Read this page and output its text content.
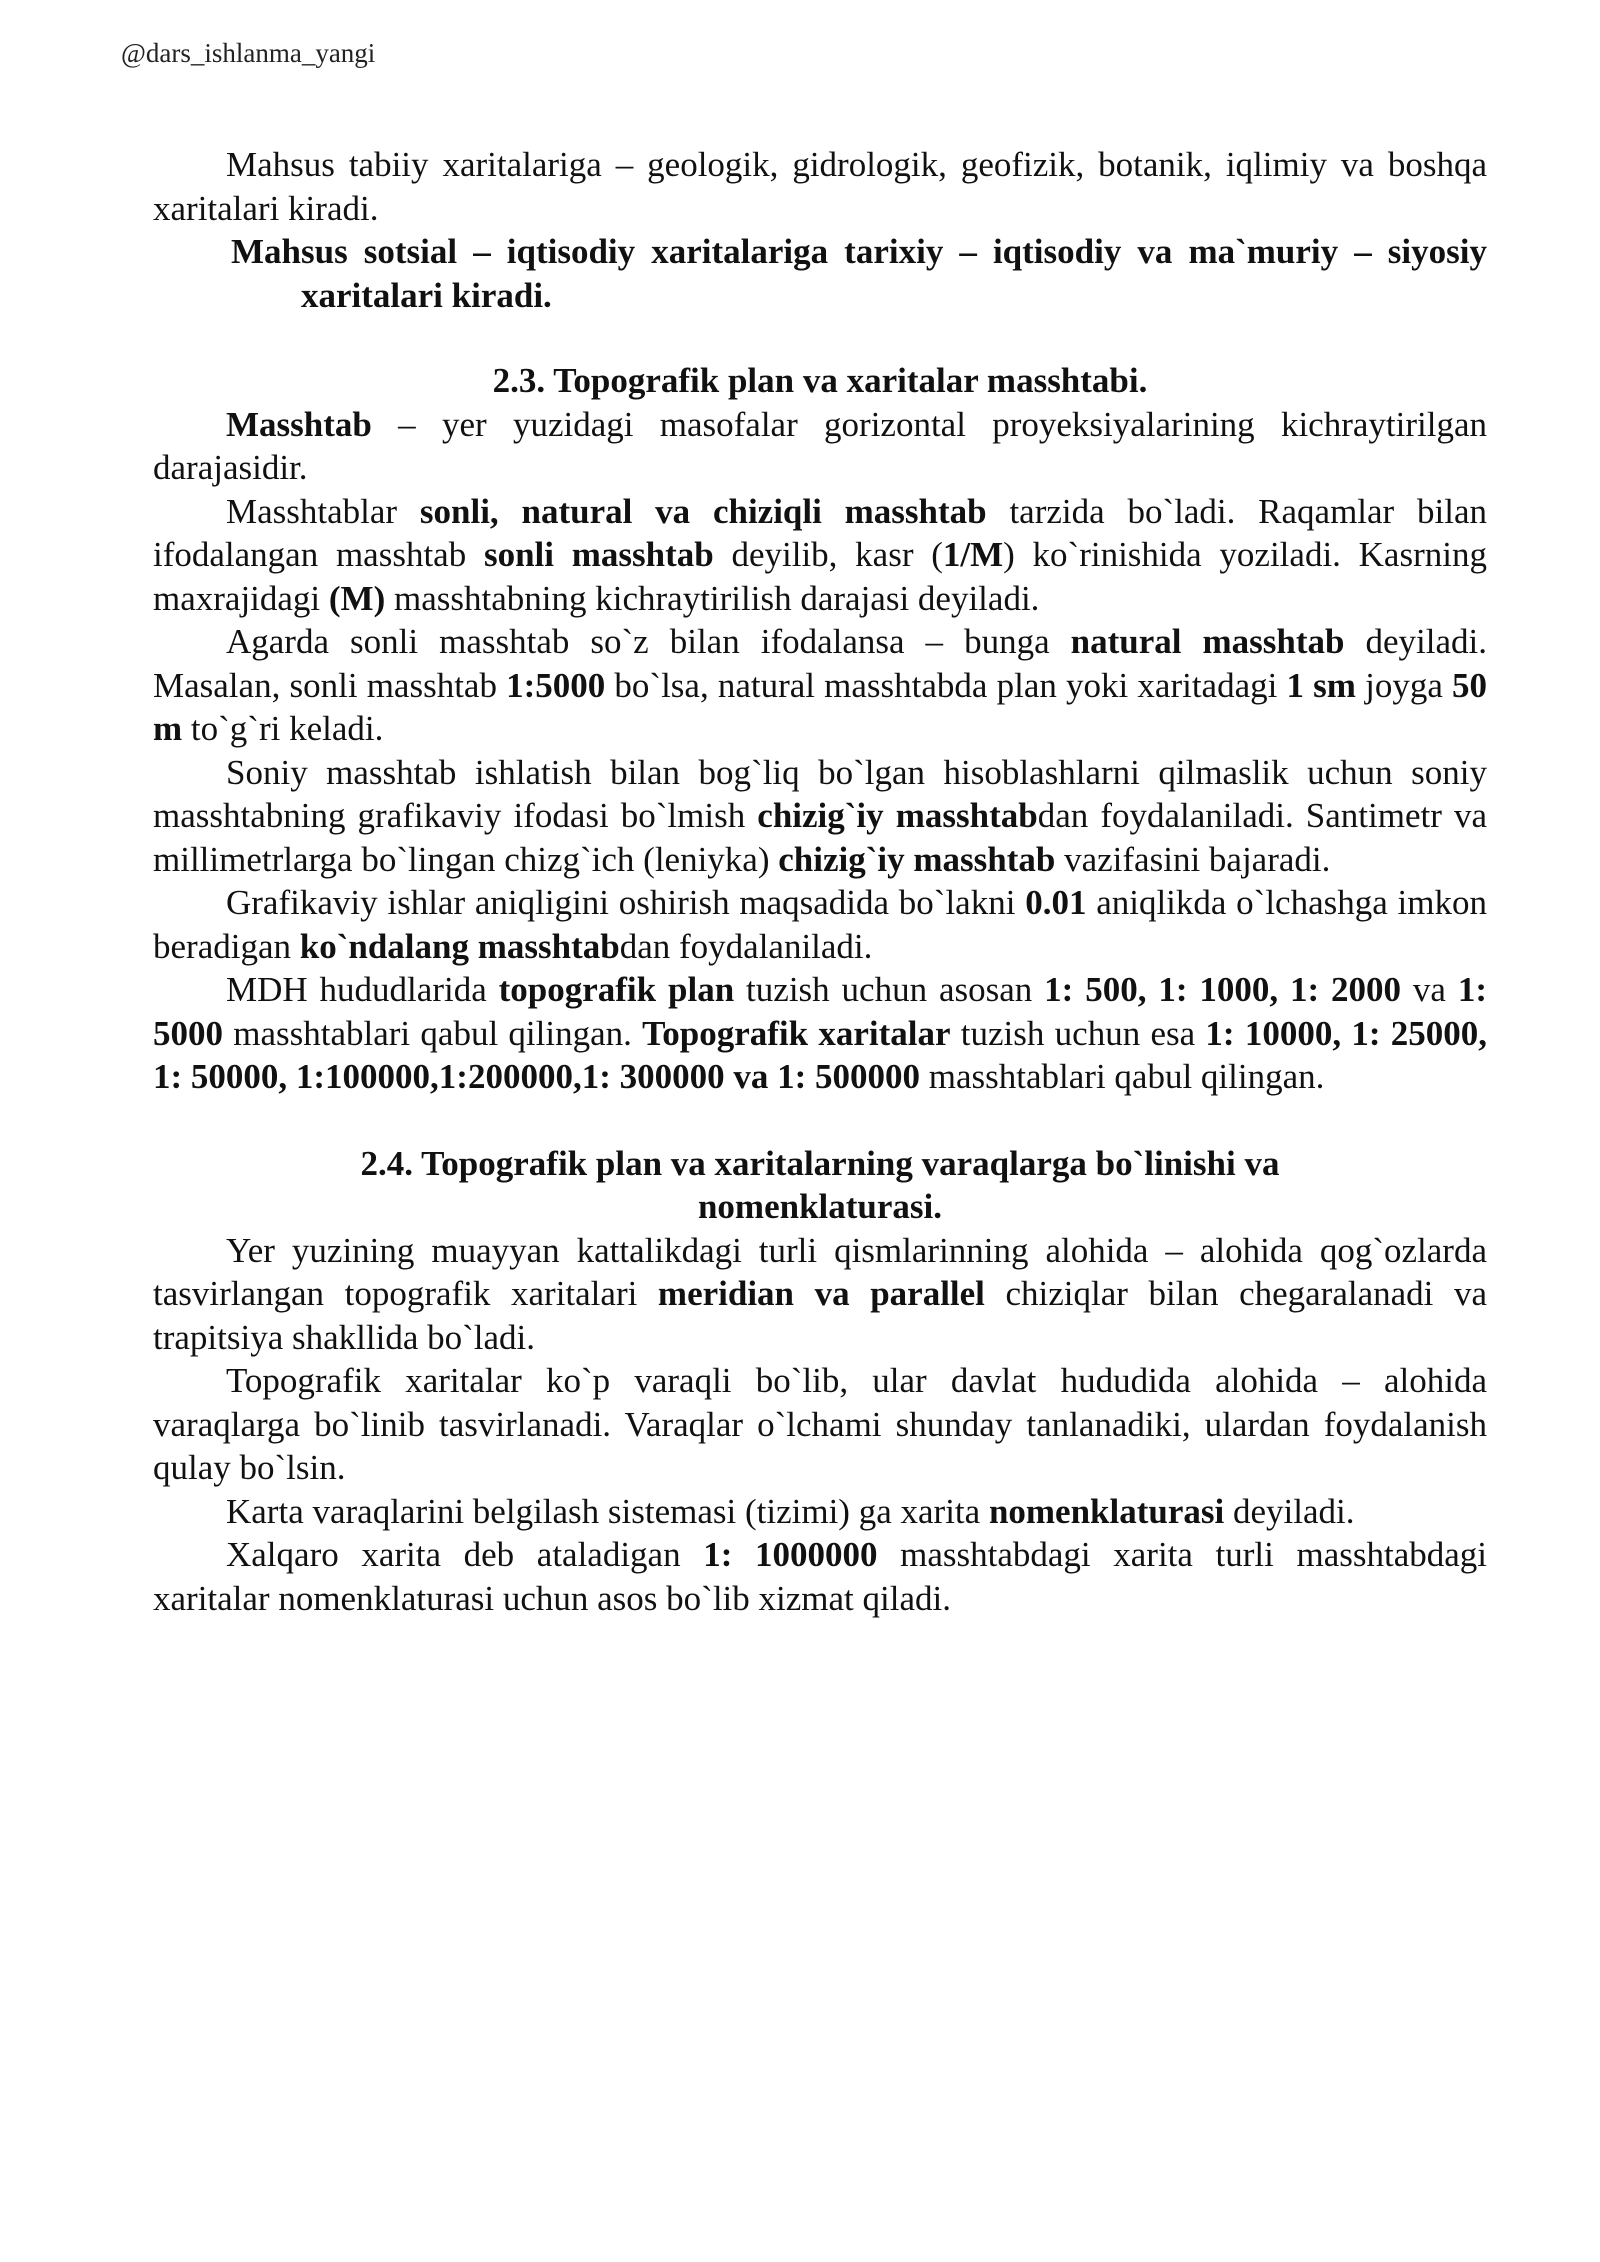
@dars_ishlanma_yangi

Mahsus tabiiy xaritalariga – geologik, gidrologik, geofizik, botanik, iqlimiy va boshqa xaritalari kiradi.

Mahsus sotsial – iqtisodiy xaritalariga tarixiy – iqtisodiy va ma`muriy – siyosiy xaritalari kiradi.

2.3. Topografik plan va xaritalar masshtabi.

Masshtab – yer yuzidagi masofalar gorizontal proyeksiyalarining kichraytirilgan darajasidir.

Masshtablar sonli, natural va chiziqli masshtab tarzida bo`ladi. Raqamlar bilan ifodalangan masshtab sonli masshtab deyilib, kasr (1/M) ko`rinishida yoziladi. Kasrning maxrajidagi (M) masshtabning kichraytirilish darajasi deyiladi.

Agarda sonli masshtab so`z bilan ifodalansa – bunga natural masshtab deyiladi. Masalan, sonli masshtab 1:5000 bo`lsa, natural masshtabda plan yoki xaritadagi 1 sm joyga 50 m to`g`ri keladi.

Soniy masshtab ishlatish bilan bog`liq bo`lgan hisoblashlarni qilmaslik uchun soniy masshtabning grafikaviy ifodasi bo`lmish chizig`iy masshtabdan foydalaniladi. Santimetr va millimetrlarga bo`lingan chizg`ich (leniyka) chizig`iy masshtab vazifasini bajaradi.

Grafikaviy ishlar aniqligini oshirish maqsadida bo`lakni 0.01 aniqlikda o`lchashga imkon beradigan ko`ndalang masshtabdan foydalaniladi.

MDH hududlarida topografik plan tuzish uchun asosan 1: 500, 1: 1000, 1: 2000 va 1: 5000 masshtablari qabul qilingan. Topografik xaritalar tuzish uchun esa 1: 10000, 1: 25000, 1: 50000, 1:100000,1:200000,1: 300000 va 1: 500000 masshtablari qabul qilingan.

2.4. Topografik plan va xaritalarning varaqlarga bo`linishi va
nomenklaturasi.

Yer yuzining muayyan kattalikdagi turli qismlarinning alohida – alohida qog`ozlarda tasvirlangan topografik xaritalari meridian va parallel chiziqlar bilan chegaralanadi va trapitsiya shakllida bo`ladi.

Topografik xaritalar ko`p varaqli bo`lib, ular davlat hududida alohida – alohida varaqlarga bo`linib tasvirlanadi. Varaqlar o`lchami shunday tanlanadiki, ulardan foydalanish qulay bo`lsin.

Karta varaqlarini belgilash sistemasi (tizimi) ga xarita nomenklaturasi deyiladi.

Xalqaro xarita deb ataladigan 1: 1000000 masshtabdagi xarita turli masshtabdagi xaritalar nomenklaturasi uchun asos bo`lib xizmat qiladi.
